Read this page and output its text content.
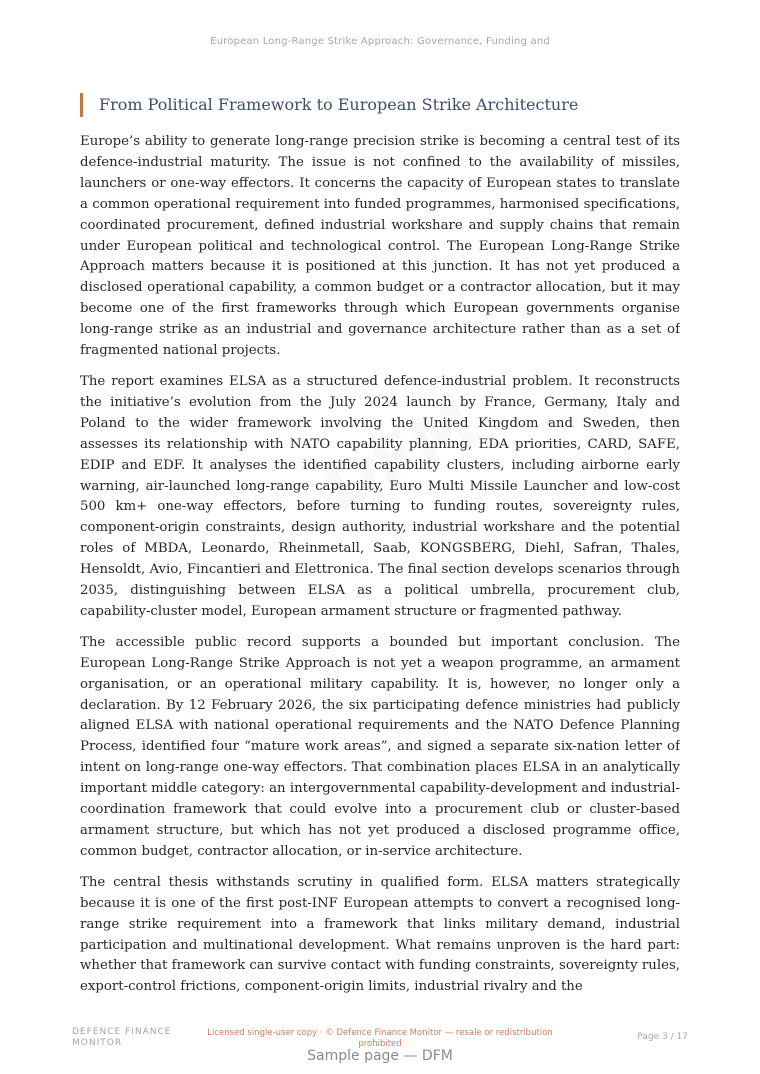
European Long-Range Strike Approach: Governance, Funding and
DFM
From Political Framework to European Strike Architecture

Europe’s ability to generate long-range precision strike is becoming a central test of its defence-industrial maturity. The issue is not confined to the availability of missiles, launchers or one-way effectors. It concerns the capacity of European states to translate a common operational requirement into funded programmes, harmonised specifications, coordinated procurement, defined industrial workshare and supply chains that remain under European political and technological control. The European Long-Range Strike Approach matters because it is positioned at this junction. It has not yet produced a disclosed operational capability, a common budget or a contractor allocation, but it may become one of the first frameworks through which European governments organise long-range strike as an industrial and governance architecture rather than as a set of fragmented national projects.

The report examines ELSA as a structured defence-industrial problem. It reconstructs the initiative’s evolution from the July 2024 launch by France, Germany, Italy and Poland to the wider framework involving the United Kingdom and Sweden, then assesses its relationship with NATO capability planning, EDA priorities, CARD, SAFE, EDIP and EDF. It analyses the identified capability clusters, including airborne early warning, air-launched long-range capability, Euro Multi Missile Launcher and low-cost 500 km+ one-way effectors, before turning to funding routes, sovereignty rules, component-origin constraints, design authority, industrial workshare and the potential roles of MBDA, Leonardo, Rheinmetall, Saab, KONGSBERG, Diehl, Safran, Thales, Hensoldt, Avio, Fincantieri and Elettronica. The final section develops scenarios through 2035, distinguishing between ELSA as a political umbrella, procurement club, capability-cluster model, European armament structure or fragmented pathway.

The accessible public record supports a bounded but important conclusion. The European Long-Range Strike Approach is not yet a weapon programme, an armament organisation, or an operational military capability. It is, however, no longer only a declaration. By 12 February 2026, the six participating defence ministries had publicly aligned ELSA with national operational requirements and the NATO Defence Planning Process, identified four “mature work areas”, and signed a separate six-nation letter of intent on long-range one-way effectors. That combination places ELSA in an analytically important middle category: an intergovernmental capability-development and industrial-coordination framework that could evolve into a procurement club or cluster-based armament structure, but which has not yet produced a disclosed programme office, common budget, contractor allocation, or in-service architecture.

The central thesis withstands scrutiny in qualified form. ELSA matters strategically because it is one of the first post-INF European attempts to convert a recognised long-range strike requirement into a framework that links military demand, industrial participation and multinational development. What remains unproven is the hard part: whether that framework can survive contact with funding constraints, sovereignty rules, export-control frictions, component-origin limits, industrial rivalry and the

DEFENCE FINANCE
MONITOR
Licensed single-user copy · © Defence Finance Monitor — resale or redistribution prohibited
Page 3 / 17
Sample page — DFM
